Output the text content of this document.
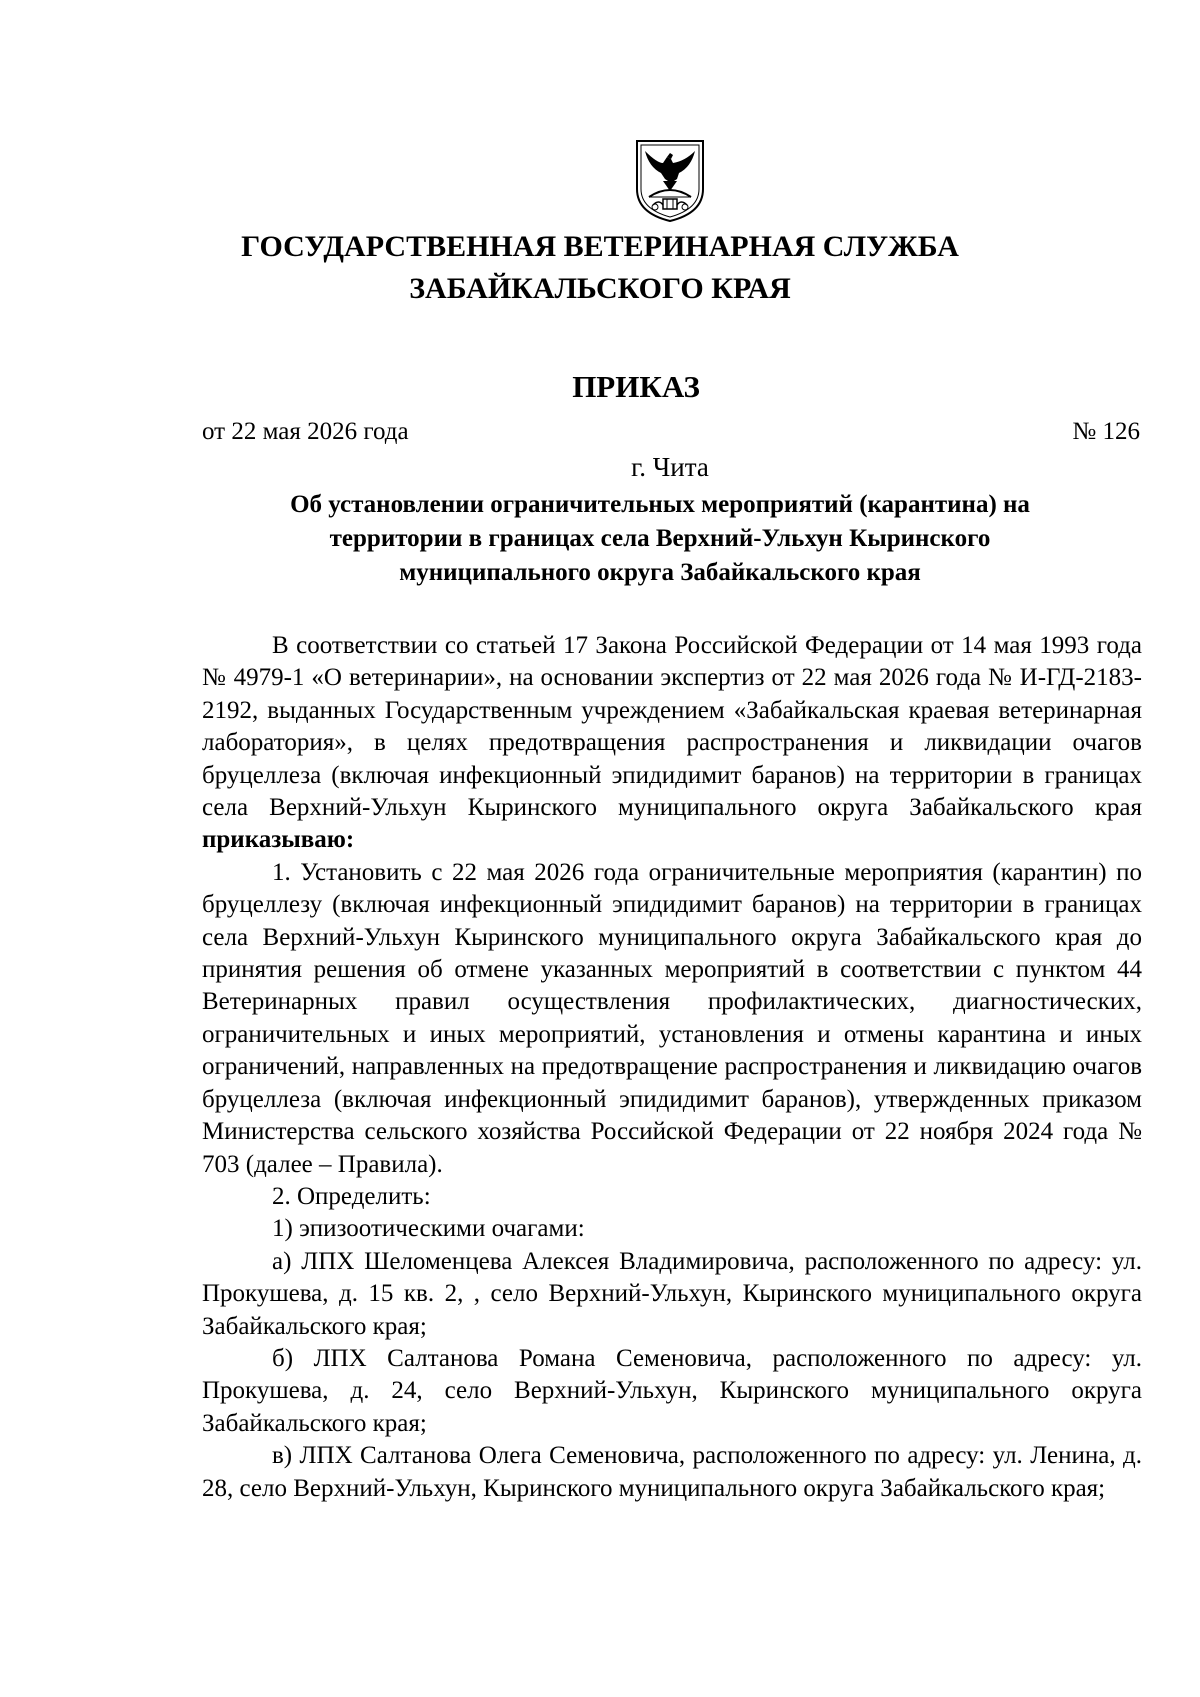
ГОСУДАРСТВЕННАЯ ВЕТЕРИНАРНАЯ СЛУЖБА
ЗАБАЙКАЛЬСКОГО КРАЯ
ПРИКАЗ
от 22 мая 2026 года	№ 126
г. Чита
Об установлении ограничительных мероприятий (карантина) на
территории в границах села Верхний-Ульхун Кыринского
муниципального округа Забайкальского края

В соответствии со статьей 17 Закона Российской Федерации от 14 мая 1993 года № 4979-1 «О ветеринарии», на основании экспертиз от 22 мая 2026 года № И-ГД-2183-2192, выданных Государственным учреждением «Забайкальская краевая ветеринарная лаборатория», в целях предотвращения распространения и ликвидации очагов бруцеллеза (включая инфекционный эпидидимит баранов) на территории в границах села Верхний-Ульхун Кыринского муниципального округа Забайкальского края приказываю:

1. Установить с 22 мая 2026 года ограничительные мероприятия (карантин) по бруцеллезу (включая инфекционный эпидидимит баранов) на территории в границах села Верхний-Ульхун Кыринского муниципального округа Забайкальского края до принятия решения об отмене указанных мероприятий в соответствии с пунктом 44 Ветеринарных правил осуществления профилактических, диагностических, ограничительных и иных мероприятий, установления и отмены карантина и иных ограничений, направленных на предотвращение распространения и ликвидацию очагов бруцеллеза (включая инфекционный эпидидимит баранов), утвержденных приказом Министерства сельского хозяйства Российской Федерации от 22 ноября 2024 года № 703 (далее – Правила).

2. Определить:

1) эпизоотическими очагами:

а) ЛПХ Шеломенцева Алексея Владимировича, расположенного по адресу: ул. Прокушева, д. 15 кв. 2, , село Верхний-Ульхун, Кыринского муниципального округа Забайкальского края;

б) ЛПХ Салтанова Романа Семеновича, расположенного по адресу: ул. Прокушева, д. 24, село Верхний-Ульхун, Кыринского муниципального округа Забайкальского края;

в) ЛПХ Салтанова Олега Семеновича, расположенного по адресу: ул. Ленина, д. 28, село Верхний-Ульхун, Кыринского муниципального округа Забайкальского края;
